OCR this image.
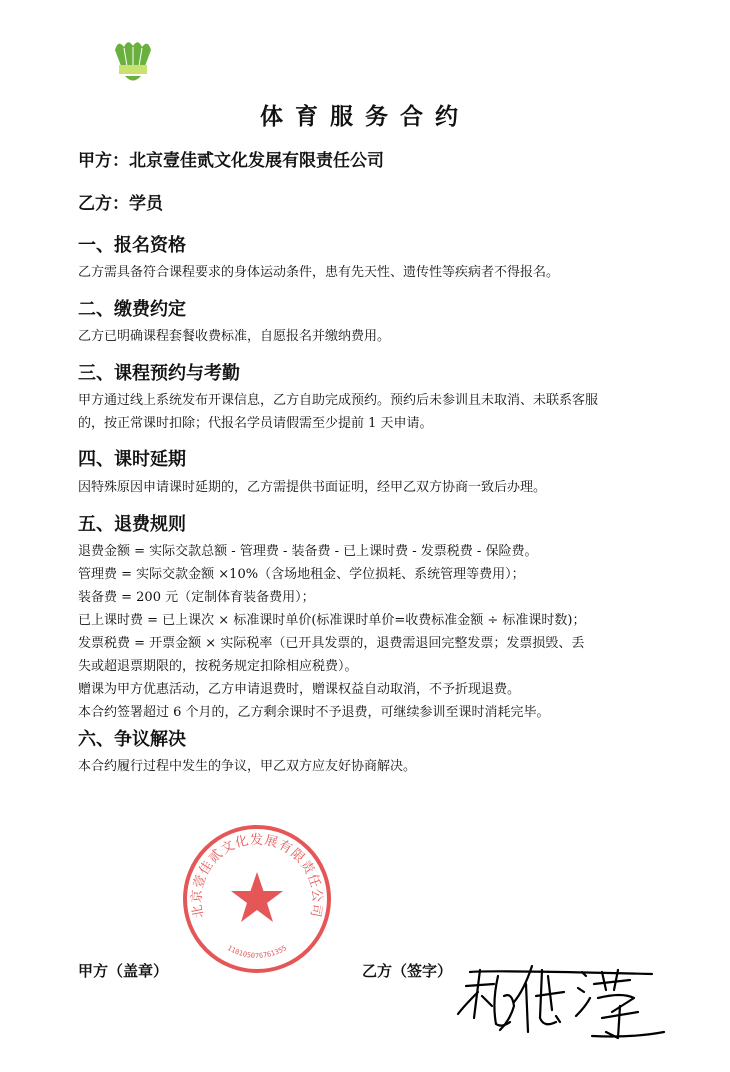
体育服务合约
甲方：北京壹佳贰文化发展有限责任公司
乙方：学员
一、报名资格
乙方需具备符合课程要求的身体运动条件，患有先天性、遗传性等疾病者不得报名。
二、缴费约定
乙方已明确课程套餐收费标准，自愿报名并缴纳费用。
三、课程预约与考勤
甲方通过线上系统发布开课信息，乙方自助完成预约。预约后未参训且未取消、未联系客服
的，按正常课时扣除；代报名学员请假需至少提前 1 天申请。
四、课时延期
因特殊原因申请课时延期的，乙方需提供书面证明，经甲乙双方协商一致后办理。
五、退费规则
退费金额 = 实际交款总额 - 管理费 - 装备费 - 已上课时费 - 发票税费 - 保险费。
管理费 = 实际交款金额 ×10%（含场地租金、学位损耗、系统管理等费用）；
装备费 = 200 元（定制体育装备费用）；
已上课时费 = 已上课次 × 标准课时单价(标准课时单价=收费标准金额 ÷ 标准课时数)；
发票税费 = 开票金额 × 实际税率（已开具发票的，退费需退回完整发票；发票损毁、丢
失或超退票期限的，按税务规定扣除相应税费）。
赠课为甲方优惠活动，乙方申请退费时，赠课权益自动取消，不予折现退费。
本合约签署超过 6 个月的，乙方剩余课时不予退费，可继续参训至课时消耗完毕。
六、争议解决
本合约履行过程中发生的争议，甲乙双方应友好协商解决。
北京壹佳贰文化发展有限责任公司
110105076761355
甲方（盖章）	乙方（签字）
